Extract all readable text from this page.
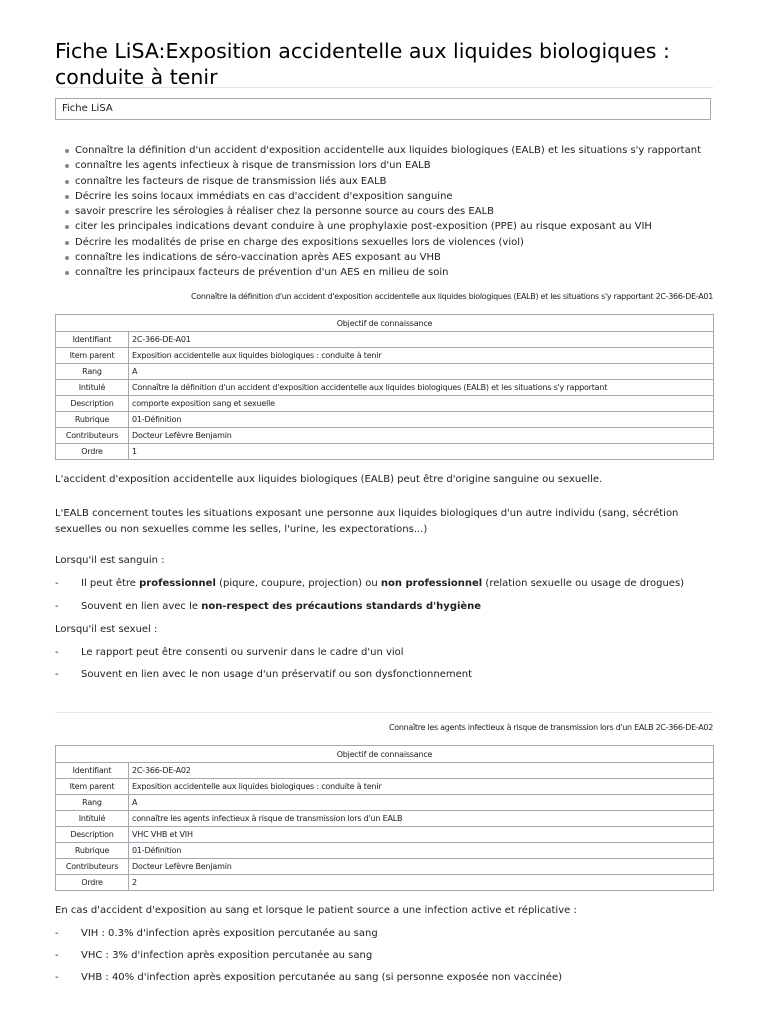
Fiche LiSA:Exposition accidentelle aux liquides biologiques :
conduite à tenir
Fiche LiSA
Connaître la définition d'un accident d'exposition accidentelle aux liquides biologiques (EALB) et les situations s'y rapportant
connaître les agents infectieux à risque de transmission lors d'un EALB
connaître les facteurs de risque de transmission liés aux EALB
Décrire les soins locaux immédiats en cas d'accident d'exposition sanguine
savoir prescrire les sérologies à réaliser chez la personne source au cours des EALB
citer les principales indications devant conduire à une prophylaxie post-exposition (PPE) au risque exposant au VIH
Décrire les modalités de prise en charge des expositions sexuelles lors de violences (viol)
connaître les indications de séro-vaccination après AES exposant au VHB
connaître les principaux facteurs de prévention d'un AES en milieu de soin
Connaître la définition d'un accident d'exposition accidentelle aux liquides biologiques (EALB) et les situations s'y rapportant 2C-366-DE-A01
Objectif de connaissance	
Identifiant	2C-366-DE-A01
Item parent	Exposition accidentelle aux liquides biologiques : conduite à tenir
Rang	A
Intitulé	Connaître la définition d'un accident d'exposition accidentelle aux liquides biologiques (EALB) et les situations s'y rapportant
Description	comporte exposition sang et sexuelle
Rubrique	01-Définition
Contributeurs	Docteur Lefèvre Benjamin
Ordre	1
L'accident d'exposition accidentelle aux liquides biologiques (EALB) peut être d'origine sanguine ou sexuelle.
L'EALB concernent toutes les situations exposant une personne aux liquides biologiques d'un autre individu (sang, sécrétion sexuelles ou non sexuelles comme les selles, l'urine, les expectorations...)
Lorsqu'il est sanguin :
- Il peut être professionnel (piqure, coupure, projection) ou non professionnel (relation sexuelle ou usage de drogues)
- Souvent en lien avec le non-respect des précautions standards d'hygiène
Lorsqu'il est sexuel :
- Le rapport peut être consenti ou survenir dans le cadre d'un viol
- Souvent en lien avec le non usage d'un préservatif ou son dysfonctionnement
Connaître les agents infectieux à risque de transmission lors d'un EALB 2C-366-DE-A02
Objectif de connaissance	
Identifiant	2C-366-DE-A02
Item parent	Exposition accidentelle aux liquides biologiques : conduite à tenir
Rang	A
Intitulé	connaître les agents infectieux à risque de transmission lors d'un EALB
Description	VHC VHB et VIH
Rubrique	01-Définition
Contributeurs	Docteur Lefèvre Benjamin
Ordre	2
En cas d'accident d'exposition au sang et lorsque le patient source a une infection active et réplicative :
- VIH : 0.3% d'infection après exposition percutanée au sang
- VHC : 3% d'infection après exposition percutanée au sang
- VHB : 40% d'infection après exposition percutanée au sang (si personne exposée non vaccinée)
